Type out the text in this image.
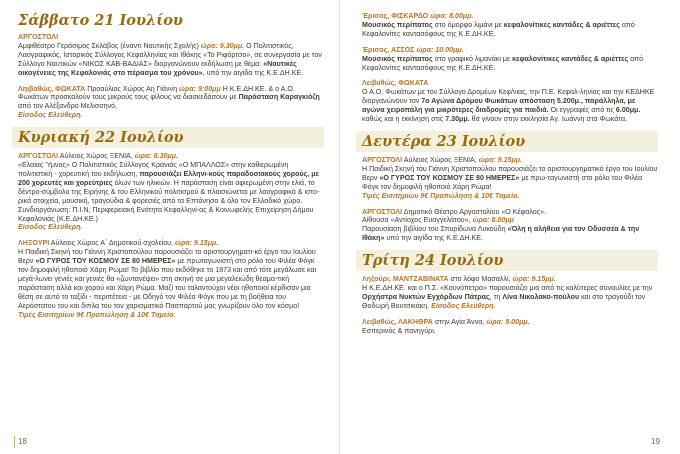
Σάββατο 21 Ιουλίου

ΑΡΓΟΣΤΟΛΙ
Αμφιθέατρο Γεράσιμος Σκλάβος (έναντι Ναυτικής Σχολής) ώρα: 9.30μμ. Ο Πολιτιστικός, Λαογραφικός, Ιστορικός Σύλλογος Κεφαλληνίας και Ιθάκης «Το Ριφόρτσο», σε συνεργασία με τον Σύλλογο Ναυτικών «ΝΙΚΟΣ ΚΑΒ-ΒΑΔΙΑΣ» διοργανώνουν εκδήλωση με θέμα: «Ναυτικές οικογένειες της Κεφαλονιάς στο πέρασμα του χρόνου», υπό την αιγίδα της Κ.Ε.ΔΗ.ΚΕ.

Ληιβαθώς, ΦΩΚΑΤΑ Προαύλιος Χώρος Αη Γιάννη ώρα: 9:00μμ Η Κ.Ε.ΔΗ.ΚΕ. & ο Α.Ο. Φωκάτων προσκαλούν τους μικρούς τους φίλους να διασκεδάσουν με Παράσταση Καραγκιόζη από τον Αλέξανδρο Μελισσηνό,
Είσοδος Ελεύθερη.

Κυριακή 22 Ιουλίου

ΑΡΓΟΣΤΟΛΙ Αύλειος Χώρος ΞΕΝΙΑ, ώρα: 8.30μμ.
«Ελαίας Ύμνος» Ο Πολιτιστικός Σύλλογος Κρανιάς «Ο ΜΠΑΛΛΟΣ» στην καθιερωμένη πολιτιστική - χορευτική του εκδήλωση, παρουσιάζει Ελληνι-κούς παραδοσιακούς χορούς, με 200 χορευτές και χορεύτριες όλων των ηλικιών. Η παράσταση είναι αφιερωμένη στην ελιά, το δέντρο-σύμβολο της Ειρήνης & του Ελληνικού πολιτισμού & πλαισιώνεται με λαογραφικά & ιστο-ρικά στοιχεία, μουσική, τραγούδια & φορεσιές από τα Επτάνησα & όλο τον Ελλαδικό χώρο. Συνδιοργάνωση: Π.Ι.Ν, Περιφερειακή Ενότητα Κεφαλληνί-ας & Κοινωφελής Επιχείρηση Δήμου Κεφαλονιάς (Κ.Ε.ΔΗ.ΚΕ.)
Είσοδος Ελεύθερη.

ΛΗΞΟΥΡΙ Αύλειος Χώρος Α΄ Δημοτικού σχολείου, ώρα: 9.15μμ.
Η Παιδική Σκηνή του Γιάννη Χριστοπούλου παρουσιάζει το αριστουργηματι-κό έργο του Ιουλίου Βερν «Ο ΓΥΡΟΣ ΤΟΥ ΚΟΣΜΟΥ ΣΕ 80 ΗΜΕΡΕΣ» με πρωταγωνιστή στο ρόλο του Φιλέα Φόγκ τον δημοφιλή ηθοποιό Χάρη Ρώμα! Το βιβλίο που εκδόθηκε το 1873 και από τότε μεγάλωσε και μεγά-λωνει γενιές και γενιές θα «ζωντανέψει» στη σκηνή σε μια μεγαλειώδη θεαμα-τική παράσταση αλλά και χορού και Χάρη Ρώμα. Μαζί του ταλαντούχοι νέοι ηθοποιοί κέρδισαν μια θέση σε αυτό το ταξίδι - περιπέτεια - με Οδηγό τον Φιλέα Φόγκ που με τη βοήθεια του Αερόστατου του και διπλα του τον χαρισματικό Πασπαρτού μας γνωρίζουν όλο τον κόσμο!
Τιμές Εισιτηρίων 9€ Προπώληση & 10€ Ταμείο.

18

Έρισος, ΦΙΣΚΑΡΔΟ ώρα: 8.00μμ.
Μουσικός περίπατος στο όμορφο λιμάνι με κεφαλονίτικες καντάδες & αριέττες από Κεφαλονίτες καντασόφους της Κ.Ε.ΔΗ.ΚΕ.

Έρισος, ΑΣΣΟΣ ώρα: 10.00μμ.
Μουσικός περίπατος στο γραφικό λιμανάκι με κεφαλονίτικες καντάδες & αριέττες από Κεφαλονίτες καντασόφους της Κ.Ε.ΔΗ.ΚΕ.

Λειβαθώς, ΦΩΚΑΤΑ
Ο Α.Ο. Φωκάτων με τον Σύλλογο Δρομέων Κεφ/νιας, την Π.Ε. Κεφαλ-ληνίας και την ΚΕΔΗΚΕ διοργανώνουν τον 7ο Αγώνα Δρόμου Φωκάτων απόσταση 5.200μ., παράλληλα, με αγώνα χειροπάλη για μικρότερες διαδρομές για παιδιά. Οι εγγραφές από τις 6.00μμ. καθώς και η εκκίνηση στις 7.30μμ. θα γίνουν στην εκκλησία Αγ. Ιωάννη στα Φωκάτα.

Δευτέρα 23 Ιουλίου

ΑΡΓΟΣΤΟΛΙ Αύλειος Χώρος ΞΕΝΙΑ, ώρα: 9.15μμ.
Η Παιδική Σκηνή του Γιάννη Χριστοπούλου παρουσιάζει το αριστουργηματικό έργο του Ιουλίου Βερν «Ο ΓΥΡΟΣ ΤΟΥ ΚΟΣΜΟΥ ΣΕ 80 ΗΜΕΡΕΣ» με πρω-ταγωνιστή στο ρόλο του Φιλέα Φόγκ τον δημοφιλή ηθοποιό Χάρη Ρώμα!
Τιμές Εισιτηρίων 9€ Προπώληση & 10€ Ταμείο.

ΑΡΓΟΣΤΟΛΙ Δημοτικό Θέατρο Αργοστολίου «Ο Κέφαλος».
Αίθουσα «Αντίοχος Ευαγγελάτου», ώρα: 8.00μμ
Παρουσίαση βιβλίου του Σπυρίδωνα Λυκούδη «Όλη η αλήθεια για τον Οδυσσέα & την Ιθάκη» υπό την αιγίδα της Κ.Ε.ΔΗ.ΚΕ.

Τρίτη 24 Ιουλίου

Ληξούρι, ΜΑΝΤΖΑΒΙΝΑΤΑ στο λόφο Μασαλλί, ώρα: 9.15μμ.
Η Κ.Ε.ΔΗ.ΚΕ. και ο Π.Σ. «Κουνόπετρα» παρουσιάζει μια από τις καλύτερες συναυλίες με την Ορχήστρα Νυκτών Εγχόρδων Πάτρας, τη Λίνα Νικολακο-πούλου και στο τραγούδι τον Θοδωρή Βουτσικάκη. Είσοδος Ελεύθερη.

Λειβαθώς, ΛΑΚΗΘΡΑ στην Αγία Άννα, ώρα: 9.00μμ.
Εσπερινός & πανηγύρι.

19
